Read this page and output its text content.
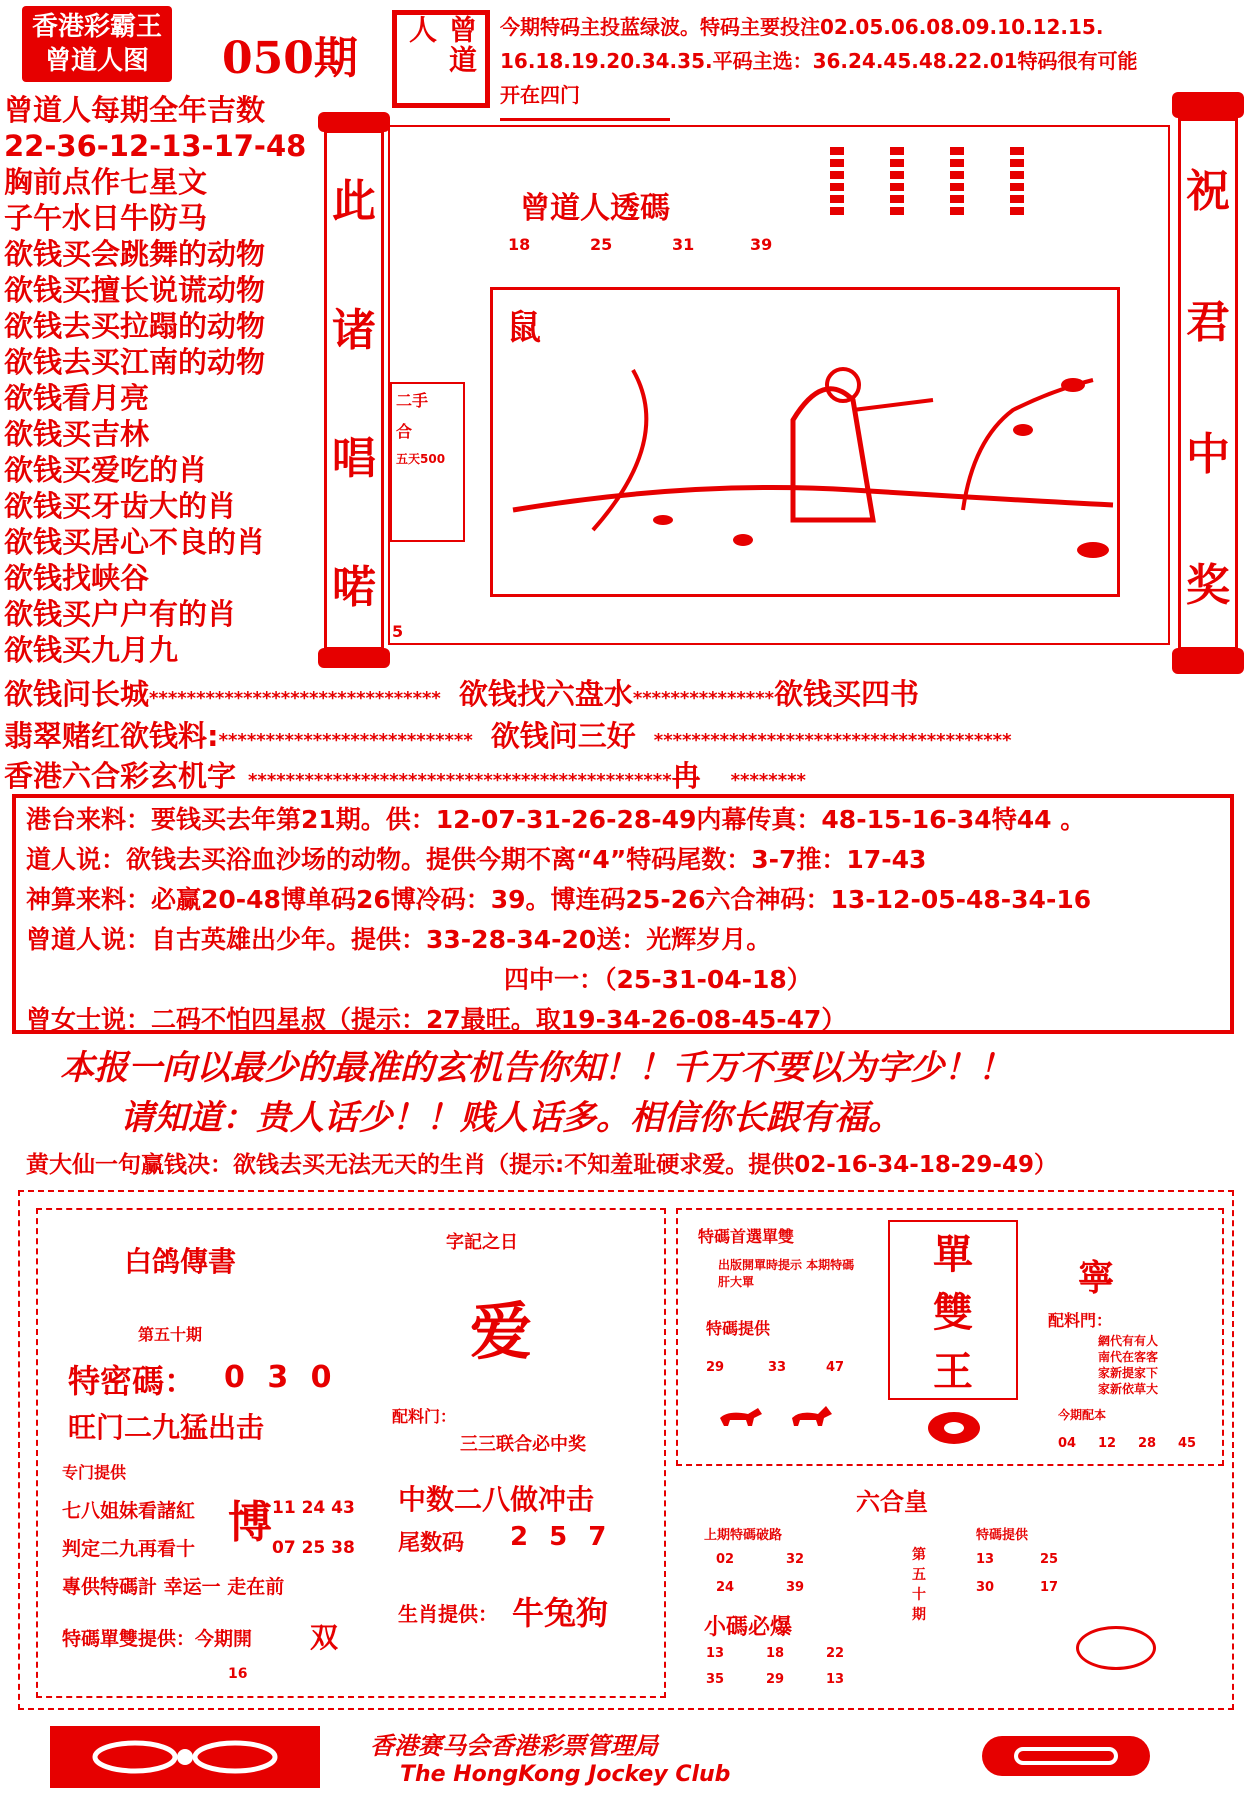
香港彩霸王
曾道人图 050期	曾道人	今期特码主投蓝绿波。特码主要投注02.05.06.08.09.10.12.15.
16.18.19.20.34.35.平码主选：36.24.45.48.22.01特码很有可能
开在四门
曾道人每期全年吉数
22-36-12-13-17-48
胸前点作七星文
子午水日牛防马
欲钱买会跳舞的动物
欲钱买擅长说谎动物
欲钱去买拉蹋的动物
欲钱去买江南的动物
欲钱看月亮
欲钱买吉林
欲钱买爱吃的肖
欲钱买牙齿大的肖
欲钱买居心不良的肖
欲钱找峡谷
欲钱买户户有的肖
欲钱买九月九
此
诸
唱
喏
祝
君
中
奖
曾道人透碼
18	25	31	39
鼠
二手
合
五天500
5
欲钱问长城******************************* 欲钱找六盘水***************欲钱买四书
翡翠赌红欲钱料:*************************** 欲钱问三好 **************************************
香港六合彩玄机字 *********************************************冉 ********
港台来料：要钱买去年第21期。供：12-07-31-26-28-49内幕传真：48-15-16-34特44 。
道人说：欲钱去买浴血沙场的动物。提供今期不离“4”特码尾数：3-7推：17-43
神算来料：必赢20-48博单码26博冷码：39。博连码25-26六合神码：13-12-05-48-34-16
曾道人说：自古英雄出少年。提供：33-28-34-20送：光辉岁月。
四中一：（25-31-04-18）
曾女士说：二码不怕四星叔（提示：27最旺。取19-34-26-08-45-47）
本报一向以最少的最准的玄机告你知！！千万不要以为字少！！
请知道：贵人话少！！贱人话多。相信你长跟有福。
黄大仙一句赢钱决：欲钱去买无法无天的生肖（提示:不知羞耻硬求爱。提供02-16-34-18-29-49）
白鸽傳書
第五十期
特密碼： 0 3 0
旺门二九猛出击
专门提供
七八姐妹看諸紅
判定二九再看十
專供特碼計 幸运一 走在前
博 11 24 43
07 25 38
特碼單雙提供：今期開 双
16
字記之日
爱
配料门：
三三联合必中奖
中数二八做冲击
尾数码 2 5 7
生肖提供： 牛兔狗
特碼首選單雙
出版開單時提示 本期特碼肝大單
特碼提供
29	33	47
單
雙
王
寧
配料門：
網代有有人
南代在客客
家新提家下
家新依草大
今期配本
04 12 28 45
六合皇
上期特碼破路
02	32
24	39
第五十期
特碼提供
13	25
30	17
小碼必爆
13	18	22
35	29	13
香港赛马会香港彩票管理局
The HongKong Jockey Club
